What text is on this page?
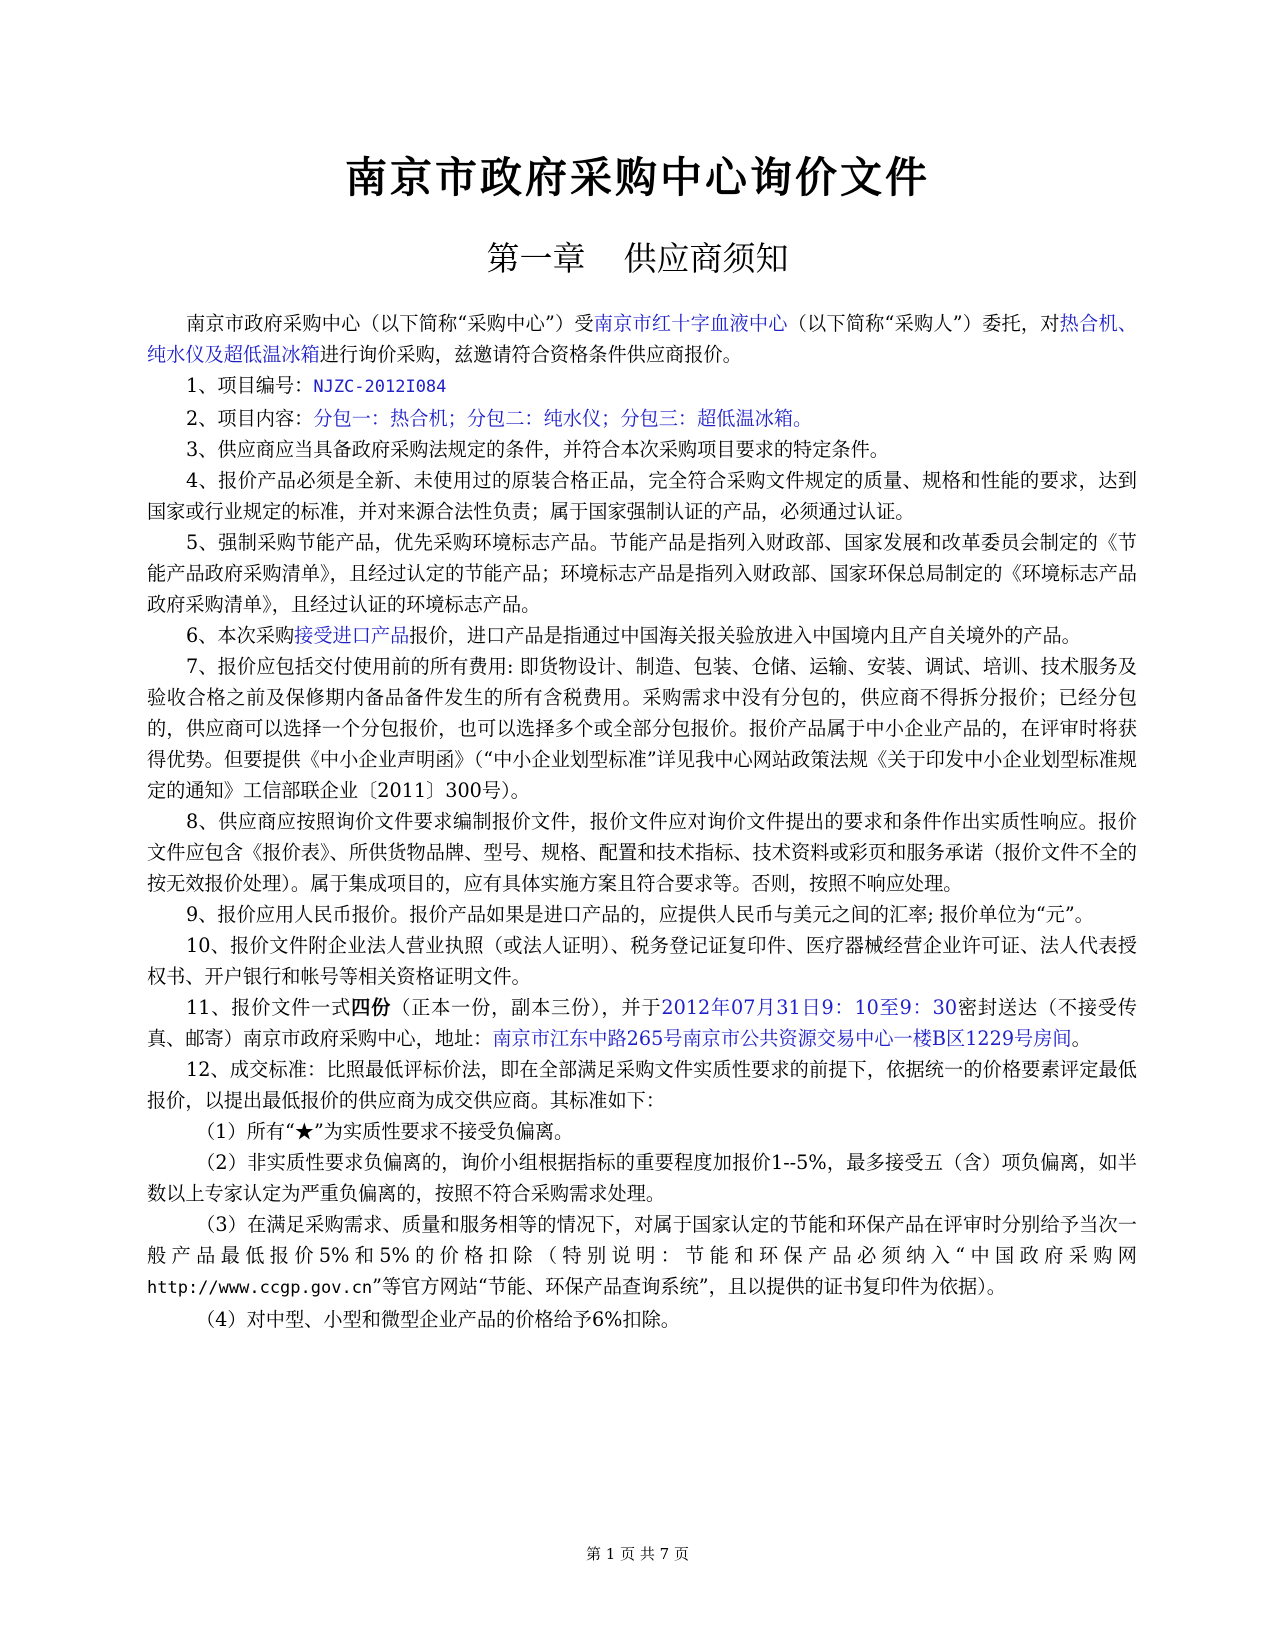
南京市政府采购中心询价文件
第一章 供应商须知

南京市政府采购中心（以下简称“采购中心”）受南京市红十字血液中心（以下简称“采购人”）委托，对热合机、纯水仪及超低温冰箱进行询价采购，兹邀请符合资格条件供应商报价。

1、项目编号：NJZC-2012I084

2、项目内容：分包一：热合机；分包二：纯水仪；分包三：超低温冰箱。

3、供应商应当具备政府采购法规定的条件，并符合本次采购项目要求的特定条件。

4、报价产品必须是全新、未使用过的原装合格正品，完全符合采购文件规定的质量、规格和性能的要求，达到国家或行业规定的标准，并对来源合法性负责；属于国家强制认证的产品，必须通过认证。

5、强制采购节能产品，优先采购环境标志产品。节能产品是指列入财政部、国家发展和改革委员会制定的《节能产品政府采购清单》，且经过认定的节能产品；环境标志产品是指列入财政部、国家环保总局制定的《环境标志产品政府采购清单》，且经过认证的环境标志产品。

6、本次采购接受进口产品报价，进口产品是指通过中国海关报关验放进入中国境内且产自关境外的产品。

7、报价应包括交付使用前的所有费用: 即货物设计、制造、包装、仓储、运输、安装、调试、培训、技术服务及验收合格之前及保修期内备品备件发生的所有含税费用。采购需求中没有分包的，供应商不得拆分报价；已经分包的，供应商可以选择一个分包报价，也可以选择多个或全部分包报价。报价产品属于中小企业产品的，在评审时将获得优势。但要提供《中小企业声明函》（“中小企业划型标准”详见我中心网站政策法规《关于印发中小企业划型标准规定的通知》工信部联企业〔2011〕300号）。

8、供应商应按照询价文件要求编制报价文件，报价文件应对询价文件提出的要求和条件作出实质性响应。报价文件应包含《报价表》、所供货物品牌、型号、规格、配置和技术指标、技术资料或彩页和服务承诺（报价文件不全的按无效报价处理）。属于集成项目的，应有具体实施方案且符合要求等。否则，按照不响应处理。

9、报价应用人民币报价。报价产品如果是进口产品的，应提供人民币与美元之间的汇率; 报价单位为“元”。

10、报价文件附企业法人营业执照（或法人证明）、税务登记证复印件、医疗器械经营企业许可证、法人代表授权书、开户银行和帐号等相关资格证明文件。

11、报价文件一式四份（正本一份，副本三份），并于2012年07月31日9：10至9：30密封送达（不接受传真、邮寄）南京市政府采购中心，地址：南京市江东中路265号南京市公共资源交易中心一楼B区1229号房间。

12、成交标准：比照最低评标价法，即在全部满足采购文件实质性要求的前提下，依据统一的价格要素评定最低报价，以提出最低报价的供应商为成交供应商。其标准如下：

（1）所有“★”为实质性要求不接受负偏离。

（2）非实质性要求负偏离的，询价小组根据指标的重要程度加报价1--5%，最多接受五（含）项负偏离，如半数以上专家认定为严重负偏离的，按照不符合采购需求处理。

（3）在满足采购需求、质量和服务相等的情况下，对属于国家认定的节能和环保产品在评审时分别给予当次一般产品最低报价5%和5%的价格扣除（特别说明：节能和环保产品必须纳入“中国政府采购网http://www.ccgp.gov.cn”等官方网站“节能、环保产品查询系统”，且以提供的证书复印件为依据）。

（4）对中型、小型和微型企业产品的价格给予6%扣除。

第 1 页 共 7 页
